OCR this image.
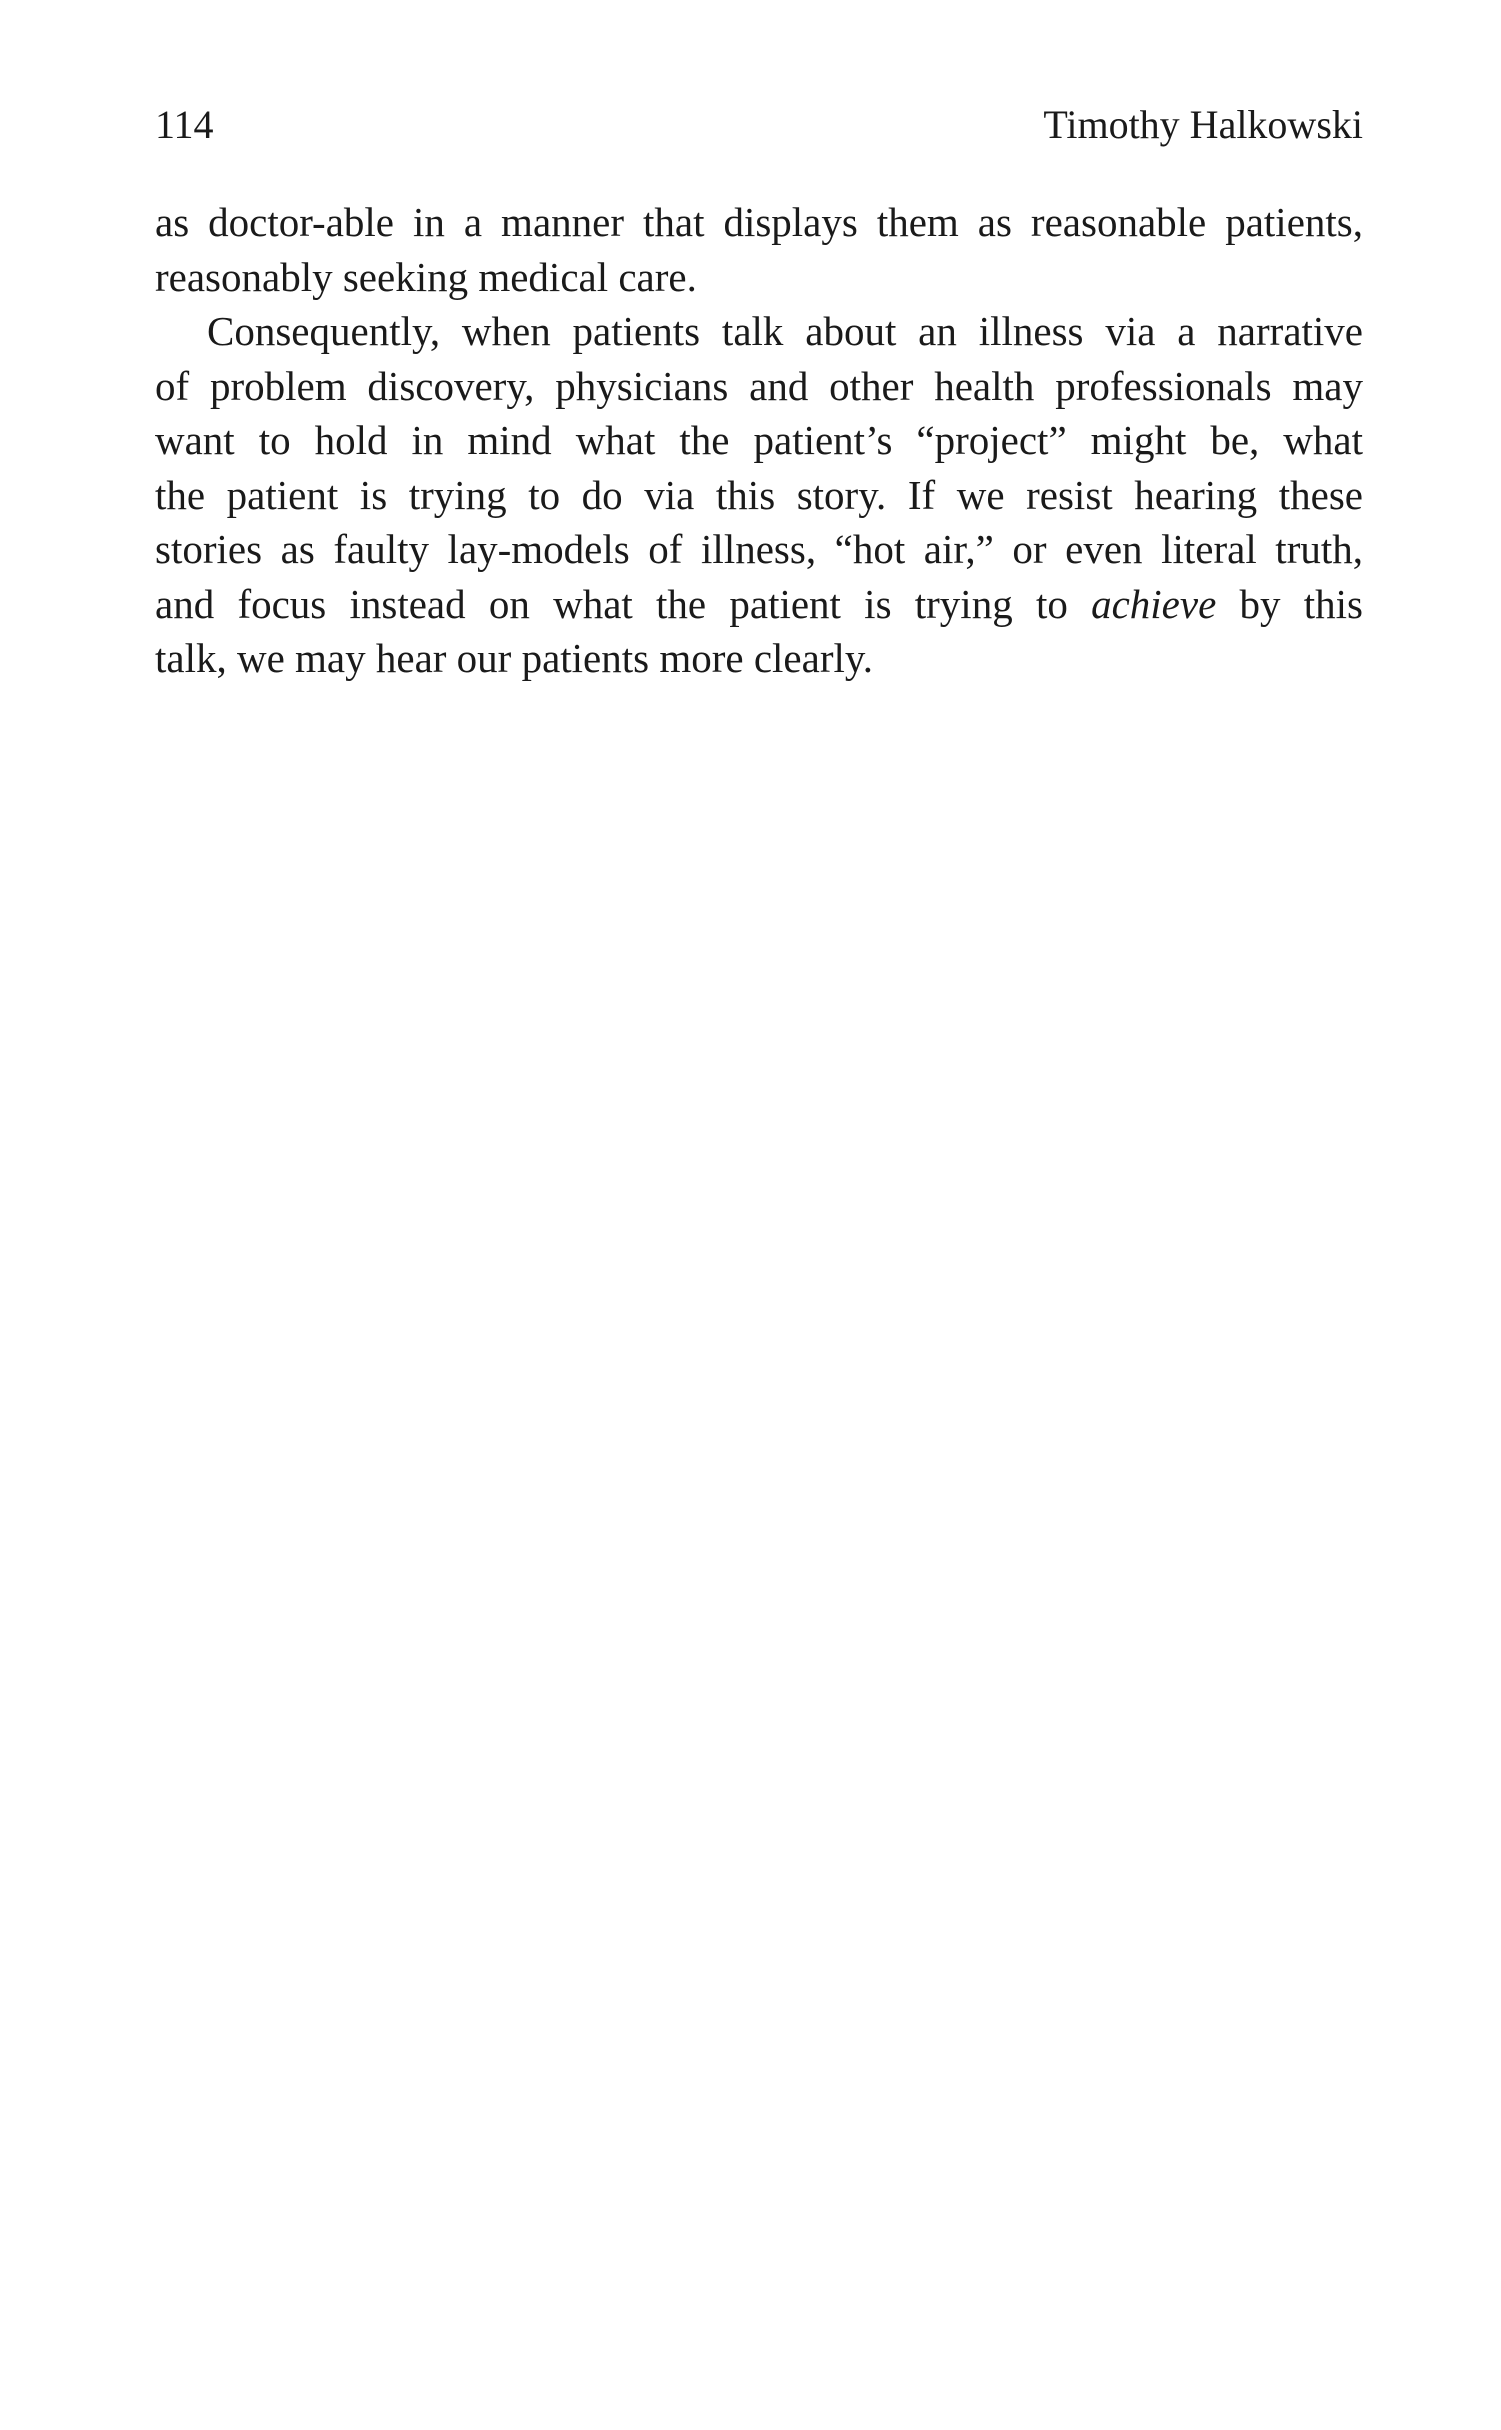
114	Timothy Halkowski
as doctor-able in a manner that displays them as reasonable patients,
reasonably seeking medical care.
Consequently, when patients talk about an illness via a narrative
of problem discovery, physicians and other health professionals may
want to hold in mind what the patient’s “project” might be, what
the patient is trying to do via this story. If we resist hearing these
stories as faulty lay-models of illness, “hot air,” or even literal truth,
and focus instead on what the patient is trying to achieve by this
talk, we may hear our patients more clearly.
